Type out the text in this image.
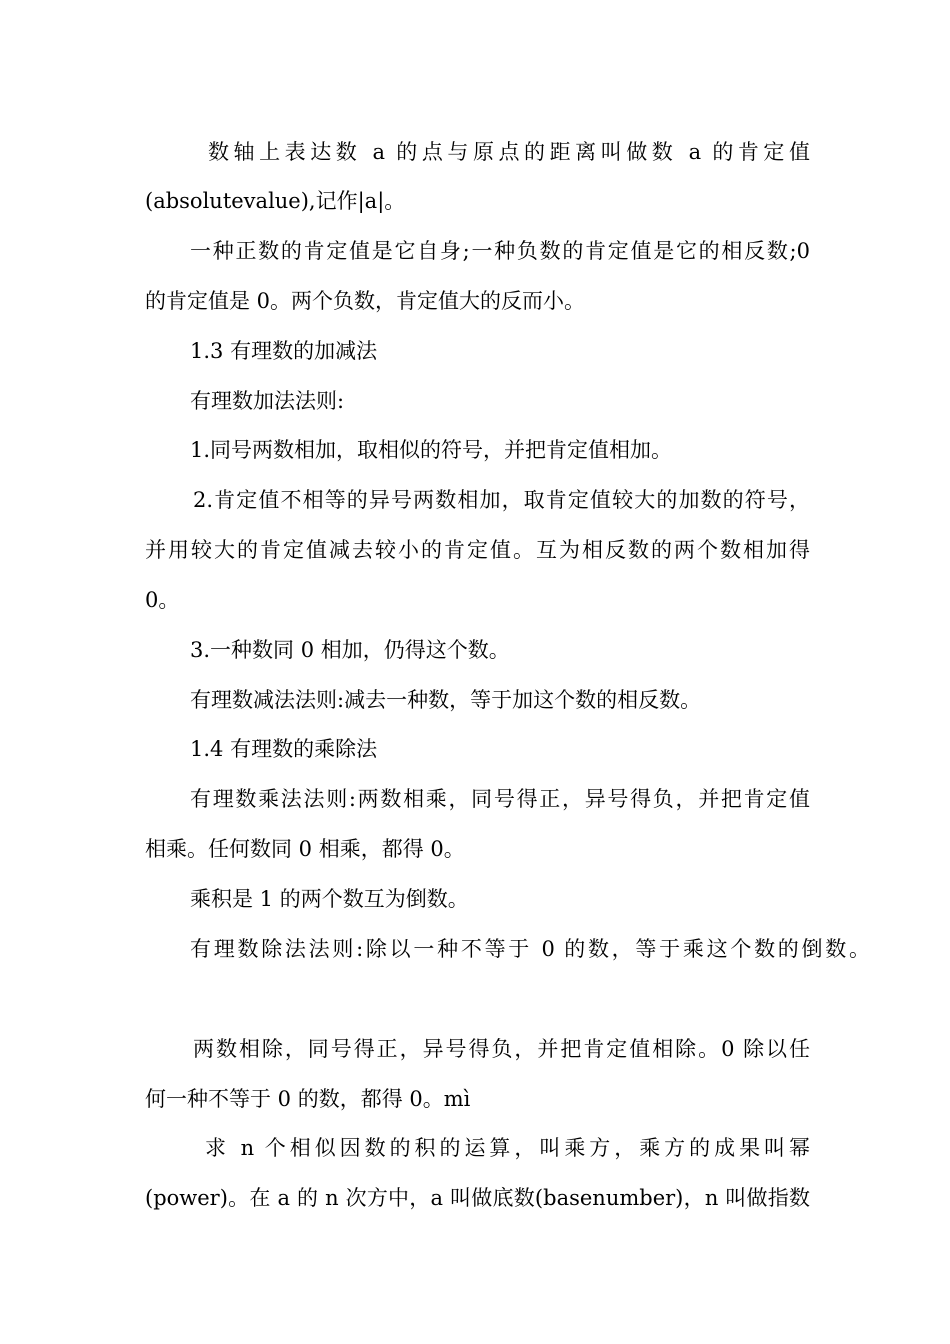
数轴上表达数 a 的点与原点的距离叫做数 a 的肯定值
(absolutevalue),记作|a|。
一种正数的肯定值是它自身;一种负数的肯定值是它的相反数;0
的肯定值是 0。两个负数，肯定值大的反而小。
1.3 有理数的加减法
有理数加法法则:
1.同号两数相加，取相似的符号，并把肯定值相加。
2.肯定值不相等的异号两数相加，取肯定值较大的加数的符号，
并用较大的肯定值减去较小的肯定值。互为相反数的两个数相加得
0。
3.一种数同 0 相加，仍得这个数。
有理数减法法则:减去一种数，等于加这个数的相反数。
1.4 有理数的乘除法
有理数乘法法则:两数相乘，同号得正，异号得负，并把肯定值
相乘。任何数同 0 相乘，都得 0。
乘积是 1 的两个数互为倒数。
有理数除法法则:除以一种不等于 0 的数，等于乘这个数的倒数。
两数相除，同号得正，异号得负，并把肯定值相除。0 除以任
何一种不等于 0 的数，都得 0。mì
求 n 个相似因数的积的运算，叫乘方，乘方的成果叫幂
(power)。在 a 的 n 次方中，a 叫做底数(basenumber)，n 叫做指数
